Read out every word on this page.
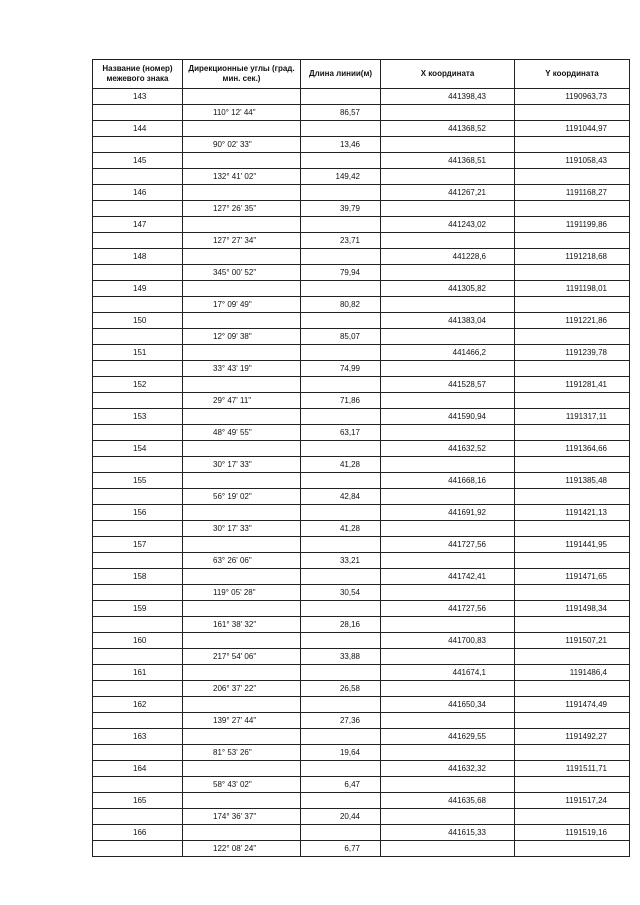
Название (номер) межевого знака	Дирекционные углы (град. мин. сек.)	Длина линии(м)	X координата	Y координата
143			441398,43	1190963,73
	110° 12' 44"	86,57		
144			441368,52	1191044,97
	90° 02' 33"	13,46		
145			441368,51	1191058,43
	132° 41' 02"	149,42		
146			441267,21	1191168,27
	127° 26' 35"	39,79		
147			441243,02	1191199,86
	127° 27' 34"	23,71		
148			441228,6	1191218,68
	345° 00' 52"	79,94		
149			441305,82	1191198,01
	17° 09' 49"	80,82		
150			441383,04	1191221,86
	12° 09' 38"	85,07		
151			441466,2	1191239,78
	33° 43' 19"	74,99		
152			441528,57	1191281,41
	29° 47' 11"	71,86		
153			441590,94	1191317,11
	48° 49' 55"	63,17		
154			441632,52	1191364,66
	30° 17' 33"	41,28		
155			441668,16	1191385,48
	56° 19' 02"	42,84		
156			441691,92	1191421,13
	30° 17' 33"	41,28		
157			441727,56	1191441,95
	63° 26' 06"	33,21		
158			441742,41	1191471,65
	119° 05' 28"	30,54		
159			441727,56	1191498,34
	161° 38' 32"	28,16		
160			441700,83	1191507,21
	217° 54' 06"	33,88		
161			441674,1	1191486,4
	206° 37' 22"	26,58		
162			441650,34	1191474,49
	139° 27' 44"	27,36		
163			441629,55	1191492,27
	81° 53' 26"	19,64		
164			441632,32	1191511,71
	58° 43' 02"	6,47		
165			441635,68	1191517,24
	174° 36' 37"	20,44		
166			441615,33	1191519,16
	122° 08' 24"	6,77		
